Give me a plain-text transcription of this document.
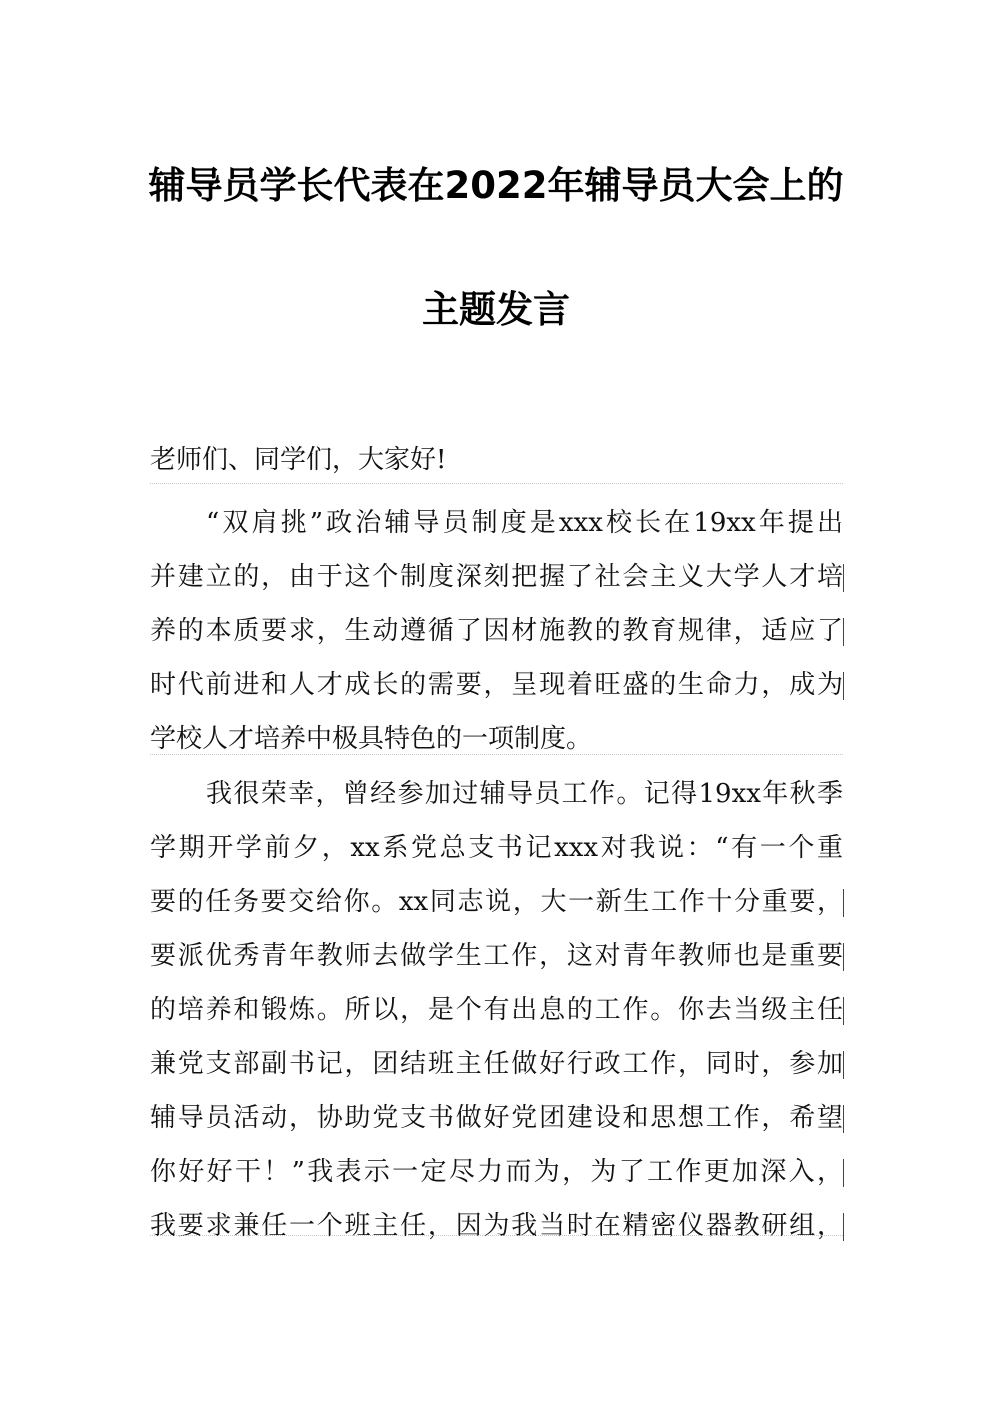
辅导员学长代表在2022年辅导员大会上的
主题发言
老师们、同学们，大家好!
“双肩挑”政治辅导员制度是xxx校长在19xx年提出
并建立的，由于这个制度深刻把握了社会主义大学人才培
养的本质要求，生动遵循了因材施教的教育规律，适应了
时代前进和人才成长的需要，呈现着旺盛的生命力，成为
学校人才培养中极具特色的一项制度。
我很荣幸，曾经参加过辅导员工作。记得19xx年秋季
学期开学前夕，xx系党总支书记xxx对我说：“有一个重
要的任务要交给你。xx同志说，大一新生工作十分重要，
要派优秀青年教师去做学生工作，这对青年教师也是重要
的培养和锻炼。所以，是个有出息的工作。你去当级主任
兼党支部副书记，团结班主任做好行政工作，同时，参加
辅导员活动，协助党支书做好党团建设和思想工作，希望
你好好干！”我表示一定尽力而为，为了工作更加深入，
我要求兼任一个班主任，因为我当时在精密仪器教研组，
